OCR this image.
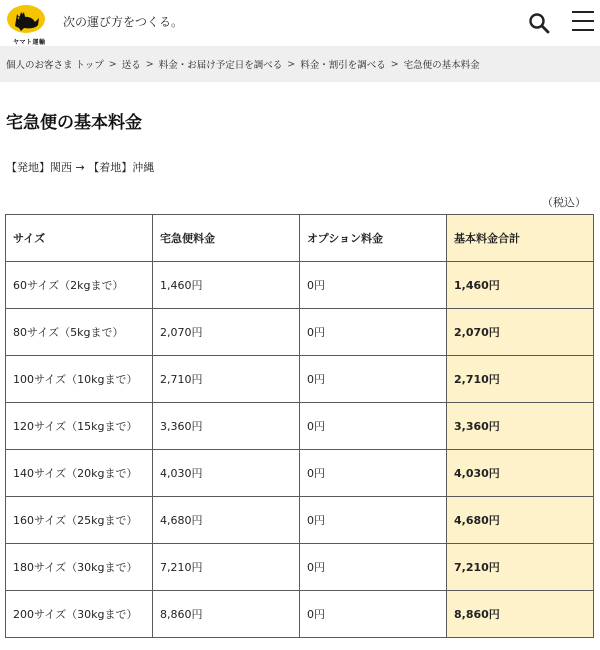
ヤマト運輸
次の運び方をつくる。
個人のお客さま トップ > 送る > 料金・お届け予定日を調べる > 料金・割引を調べる > 宅急便の基本料金
宅急便の基本料金
【発地】関西 → 【着地】沖縄
（税込）
サイズ	宅急便料金	オプション料金	基本料金合計
60サイズ（2kgまで）	1,460円	0円	1,460円
80サイズ（5kgまで）	2,070円	0円	2,070円
100サイズ（10kgまで）	2,710円	0円	2,710円
120サイズ（15kgまで）	3,360円	0円	3,360円
140サイズ（20kgまで）	4,030円	0円	4,030円
160サイズ（25kgまで）	4,680円	0円	4,680円
180サイズ（30kgまで）	7,210円	0円	7,210円
200サイズ（30kgまで）	8,860円	0円	8,860円
